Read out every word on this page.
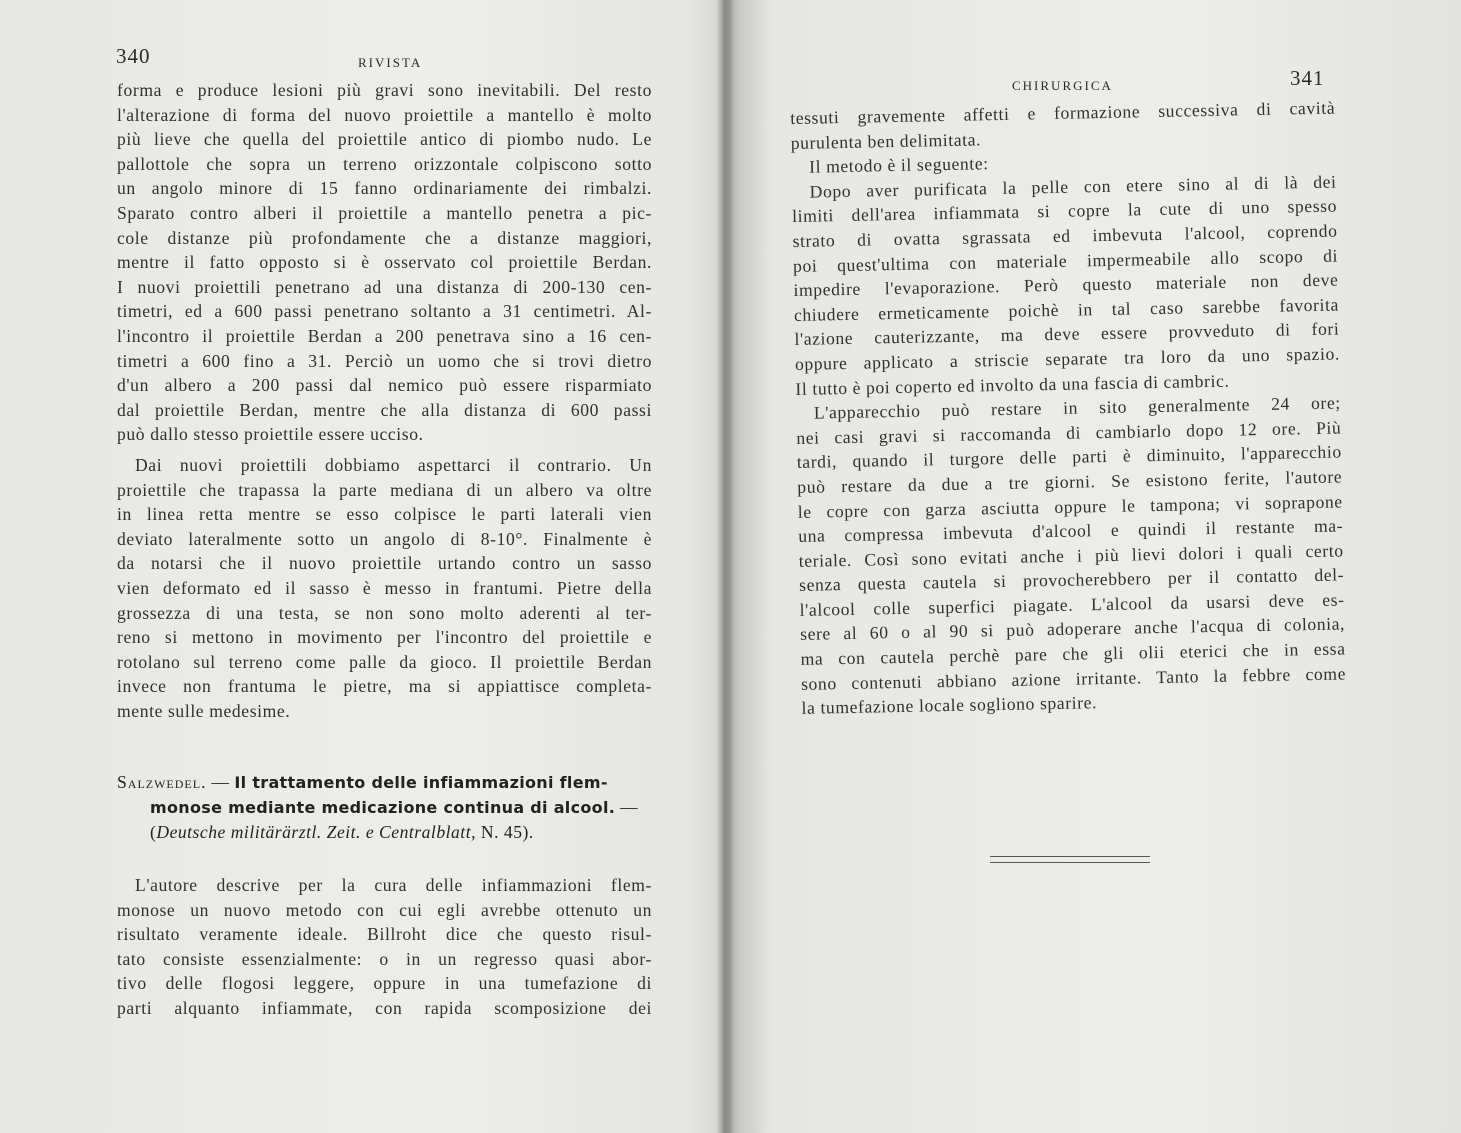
340	RIVISTA
forma e produce lesioni più gravi sono inevitabili. Del resto
l'alterazione di forma del nuovo proiettile a mantello è molto
più lieve che quella del proiettile antico di piombo nudo. Le
pallottole che sopra un terreno orizzontale colpiscono sotto
un angolo minore di 15 fanno ordinariamente dei rimbalzi.
Sparato contro alberi il proiettile a mantello penetra a pic-
cole distanze più profondamente che a distanze maggiori,
mentre il fatto opposto si è osservato col proiettile Berdan.
I nuovi proiettili penetrano ad una distanza di 200-130 cen-
timetri, ed a 600 passi penetrano soltanto a 31 centimetri. Al-
l'incontro il proiettile Berdan a 200 penetrava sino a 16 cen-
timetri a 600 fino a 31. Perciò un uomo che si trovi dietro
d'un albero a 200 passi dal nemico può essere risparmiato
dal proiettile Berdan, mentre che alla distanza di 600 passi
può dallo stesso proiettile essere ucciso.
Dai nuovi proiettili dobbiamo aspettarci il contrario. Un
proiettile che trapassa la parte mediana di un albero va oltre
in linea retta mentre se esso colpisce le parti laterali vien
deviato lateralmente sotto un angolo di 8-10°. Finalmente è
da notarsi che il nuovo proiettile urtando contro un sasso
vien deformato ed il sasso è messo in frantumi. Pietre della
grossezza di una testa, se non sono molto aderenti al ter-
reno si mettono in movimento per l'incontro del proiettile e
rotolano sul terreno come palle da gioco. Il proiettile Berdan
invece non frantuma le pietre, ma si appiattisce completa-
mente sulle medesime.
Salzwedel. — Il trattamento delle infiammazioni flem-
monose mediante medicazione continua di alcool. —
(Deutsche militärärztl. Zeit. e Centralblatt, N. 45).
L'autore descrive per la cura delle infiammazioni flem-
monose un nuovo metodo con cui egli avrebbe ottenuto un
risultato veramente ideale. Billroht dice che questo risul-
tato consiste essenzialmente: o in un regresso quasi abor-
tivo delle flogosi leggere, oppure in una tumefazione di
parti alquanto infiammate, con rapida scomposizione dei
CHIRURGICA	341
tessuti gravemente affetti e formazione successiva di cavità
purulenta ben delimitata.
Il metodo è il seguente:
Dopo aver purificata la pelle con etere sino al di là dei
limiti dell'area infiammata si copre la cute di uno spesso
strato di ovatta sgrassata ed imbevuta l'alcool, coprendo
poi quest'ultima con materiale impermeabile allo scopo di
impedire l'evaporazione. Però questo materiale non deve
chiudere ermeticamente poichè in tal caso sarebbe favorita
l'azione cauterizzante, ma deve essere provveduto di fori
oppure applicato a striscie separate tra loro da uno spazio.
Il tutto è poi coperto ed involto da una fascia di cambric.
L'apparecchio può restare in sito generalmente 24 ore;
nei casi gravi si raccomanda di cambiarlo dopo 12 ore. Più
tardi, quando il turgore delle parti è diminuito, l'apparecchio
può restare da due a tre giorni. Se esistono ferite, l'autore
le copre con garza asciutta oppure le tampona; vi soprapone
una compressa imbevuta d'alcool e quindi il restante ma-
teriale. Così sono evitati anche i più lievi dolori i quali certo
senza questa cautela si provocherebbero per il contatto del-
l'alcool colle superfici piagate. L'alcool da usarsi deve es-
sere al 60 o al 90 si può adoperare anche l'acqua di colonia,
ma con cautela perchè pare che gli olii eterici che in essa
sono contenuti abbiano azione irritante. Tanto la febbre come
la tumefazione locale sogliono sparire.
